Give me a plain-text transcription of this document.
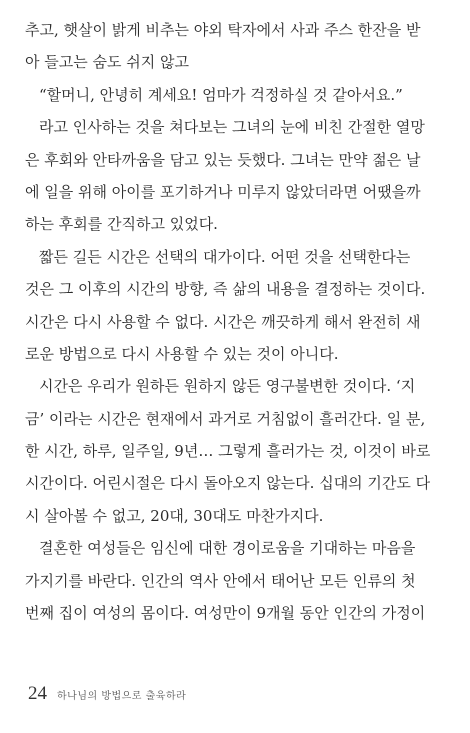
추고, 햇살이 밝게 비추는 야외 탁자에서 사과 주스 한잔을 받
아 들고는 숨도 쉬지 않고
“할머니, 안녕히 계세요! 엄마가 걱정하실 것 같아서요.”
라고 인사하는 것을 쳐다보는 그녀의 눈에 비친 간절한 열망
은 후회와 안타까움을 담고 있는 듯했다. 그녀는 만약 젊은 날
에 일을 위해 아이를 포기하거나 미루지 않았더라면 어땠을까
하는 후회를 간직하고 있었다.
짧든 길든 시간은 선택의 대가이다. 어떤 것을 선택한다는
것은 그 이후의 시간의 방향, 즉 삶의 내용을 결정하는 것이다.
시간은 다시 사용할 수 없다. 시간은 깨끗하게 해서 완전히 새
로운 방법으로 다시 사용할 수 있는 것이 아니다.
시간은 우리가 원하든 원하지 않든 영구불변한 것이다. ‘지
금’ 이라는 시간은 현재에서 과거로 거침없이 흘러간다. 일 분,
한 시간, 하루, 일주일, 9년… 그렇게 흘러가는 것, 이것이 바로
시간이다. 어린시절은 다시 돌아오지 않는다. 십대의 기간도 다
시 살아볼 수 없고, 20대, 30대도 마찬가지다.
결혼한 여성들은 임신에 대한 경이로움을 기대하는 마음을
가지기를 바란다. 인간의 역사 안에서 태어난 모든 인류의 첫
번째 집이 여성의 몸이다. 여성만이 9개월 동안 인간의 가정이
24 하나님의 방법으로 출육하라
